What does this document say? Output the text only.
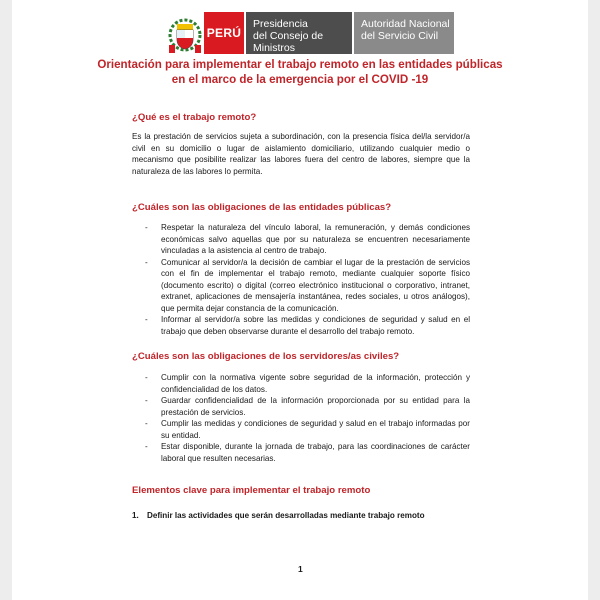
PERÚ
Presidencia
del Consejo de Ministros
Autoridad Nacional
del Servicio Civil
Orientación para implementar el trabajo remoto en las entidades públicas
en el marco de la emergencia por el COVID -19
¿Qué es el trabajo remoto?
Es la prestación de servicios sujeta a subordinación, con la presencia física del/la servidor/a civil en su domicilio o lugar de aislamiento domiciliario, utilizando cualquier medio o mecanismo que posibilite realizar las labores fuera del centro de labores, siempre que la naturaleza de las labores lo permita.
¿Cuáles son las obligaciones de las entidades públicas?
- Respetar la naturaleza del vínculo laboral, la remuneración, y demás condiciones económicas salvo aquellas que por su naturaleza se encuentren necesariamente vinculadas a la asistencia al centro de trabajo.
- Comunicar al servidor/a la decisión de cambiar el lugar de la prestación de servicios con el fin de implementar el trabajo remoto, mediante cualquier soporte físico (documento escrito) o digital (correo electrónico institucional o corporativo, intranet, extranet, aplicaciones de mensajería instantánea, redes sociales, u otros análogos), que permita dejar constancia de la comunicación.
- Informar al servidor/a sobre las medidas y condiciones de seguridad y salud en el trabajo que deben observarse durante el desarrollo del trabajo remoto.
¿Cuáles son las obligaciones de los servidores/as civiles?
- Cumplir con la normativa vigente sobre seguridad de la información, protección y confidencialidad de los datos.
- Guardar confidencialidad de la información proporcionada por su entidad para la prestación de servicios.
- Cumplir las medidas y condiciones de seguridad y salud en el trabajo informadas por su entidad.
- Estar disponible, durante la jornada de trabajo, para las coordinaciones de carácter laboral que resulten necesarias.
Elementos clave para implementar el trabajo remoto
1. Definir las actividades que serán desarrolladas mediante trabajo remoto
1
